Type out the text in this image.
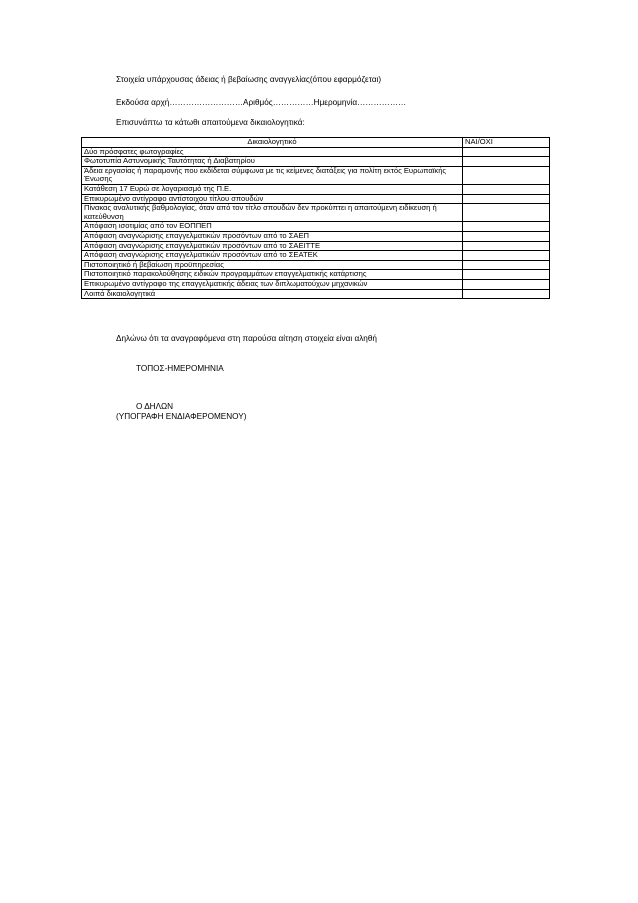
Στοιχεία υπάρχουσας άδειας ή βεβαίωσης αναγγελίας(όπου εφαρμόζεται)
Εκδούσα αρχή………………………Αριθμός……………Ημερομηνία………………
Επισυνάπτω τα κάτωθι απαιτούμενα δικαιολογητικά:
Δικαιολογητικό	ΝΑΙ/ΟΧΙ
Δύο πρόσφατες φωτογραφίες	
Φωτοτυπία Αστυνομικής Ταυτότητας ή Διαβατηρίου	
Άδεια εργασίας ή παραμονής που εκδίδεται σύμφωνα με τις κείμενες διατάξεις για πολίτη εκτός Ευρωπαϊκής Ένωσης	
Κατάθεση 17 Ευρώ σε λογαριασμό της Π.Ε.	
Επικυρωμένο αντίγραφο αντίστοιχου τίτλου σπουδών	
Πίνακας αναλυτικής βαθμολογίας, όταν από τον τίτλο σπουδών δεν προκύπτει η απαιτούμενη ειδίκευση ή κατεύθυνση	
Απόφαση ισοτιμίας από τον ΕΟΠΠΕΠ	
Απόφαση αναγνώρισης επαγγελματικών προσόντων από το ΣΑΕΠ	
Απόφαση αναγνώρισης επαγγελματικών προσόντων από το ΣΑΕΙΤΤΕ	
Απόφαση αναγνώρισης επαγγελματικών προσόντων από το ΣΕΑΤΕΚ	
Πιστοποιητικό ή βεβαίωση προϋπηρεσίας	
Πιστοποιητικό παρακολούθησης ειδικών προγραμμάτων επαγγελματικής κατάρτισης	
Επικυρωμένο αντίγραφο της επαγγελματικής άδειας των διπλωματούχων μηχανικών	
Λοιπά δικαιολογητικά	
Δηλώνω ότι τα αναγραφόμενα στη παρούσα αίτηση στοιχεία είναι αληθή
ΤΟΠΟΣ-ΗΜΕΡΟΜΗΝΙΑ
Ο ΔΗΛΩΝ
(ΥΠΟΓΡΑΦΗ ΕΝΔΙΑΦΕΡΟΜΕΝΟΥ)
